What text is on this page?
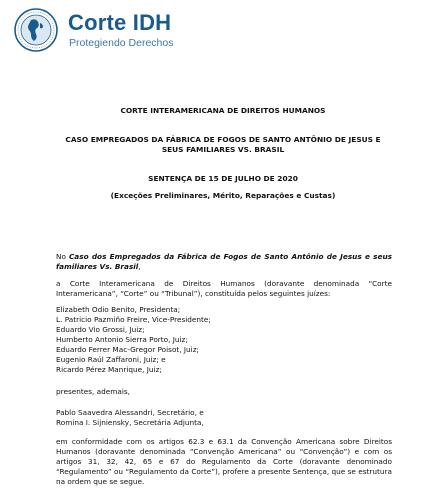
Corte IDH
Protegiendo Derechos
CORTE INTERAMERICANA DE DIREITOS HUMANOS
CASO EMPREGADOS DA FÁBRICA DE FOGOS DE SANTO ANTÔNIO DE JESUS E
SEUS FAMILIARES VS. BRASIL
SENTENÇA DE 15 DE JULHO DE 2020
(Exceções Preliminares, Mérito, Reparações e Custas)
No Caso dos Empregados da Fábrica de Fogos de Santo Antônio de Jesus e seus familiares Vs. Brasil,
a Corte Interamericana de Direitos Humanos (doravante denominada “Corte Interamericana”, “Corte” ou “Tribunal”), constituída pelos seguintes juízes:
Elizabeth Odio Benito, Presidenta;
L. Patricio Pazmiño Freire, Vice-Presidente;
Eduardo Vio Grossi, Juiz;
Humberto Antonio Sierra Porto, Juiz;
Eduardo Ferrer Mac-Gregor Poisot, Juiz;
Eugenio Raúl Zaffaroni, Juiz; e
Ricardo Pérez Manrique, Juiz;
presentes, ademais,
Pablo Saavedra Alessandri, Secretário, e
Romina I. Sijniensky, Secretária Adjunta,
em conformidade com os artigos 62.3 e 63.1 da Convenção Americana sobre Direitos Humanos (doravante denominada “Convenção Americana” ou “Convenção”) e com os artigos 31, 32, 42, 65 e 67 do Regulamento da Corte (doravante denominado “Regulamento” ou “Regulamento da Corte”), profere a presente Sentença, que se estrutura na ordem que se segue.
